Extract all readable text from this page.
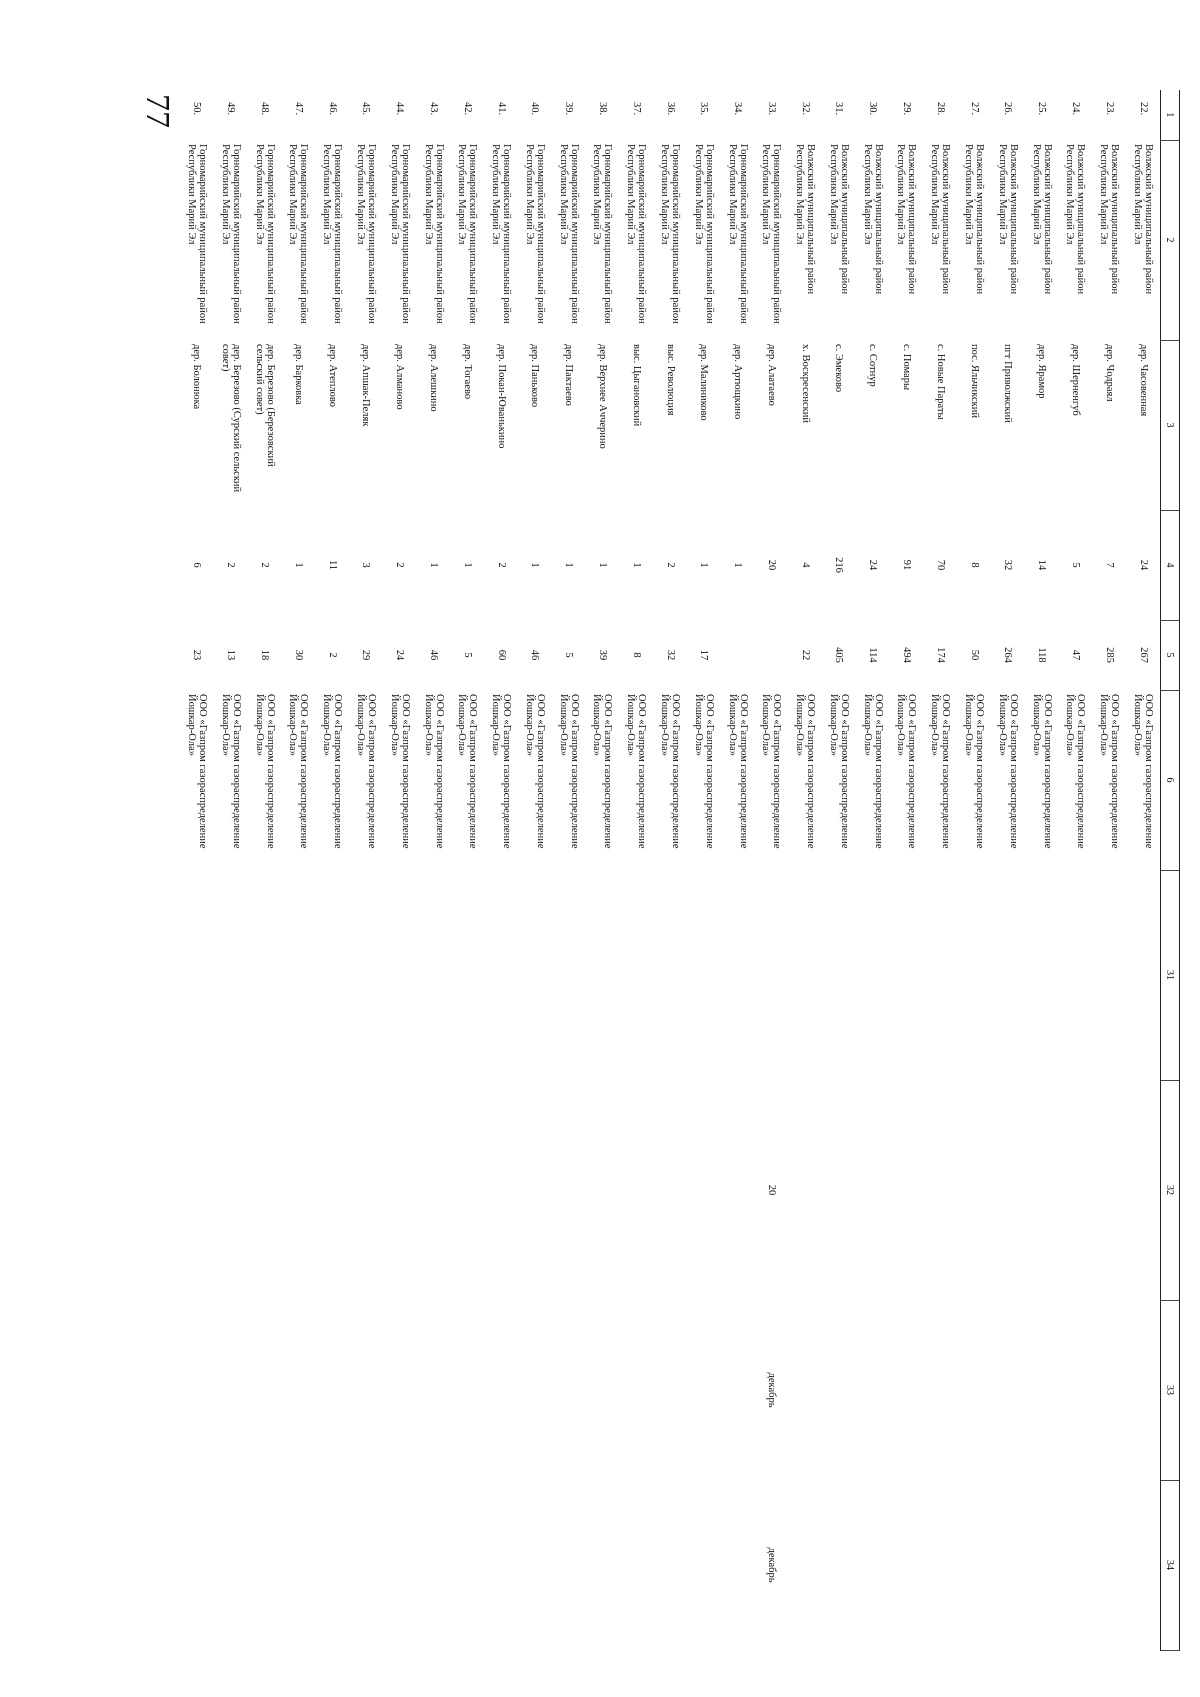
77	1	2	3	4	5	6	31	32	33	34
22.	Волжский муниципальный район Республики Марий Эл	дер. Часовенная	24	267	ООО «Газпром газораспределение Йошкар-Ола»				
23.	Волжский муниципальный район Республики Марий Эл	дер. Чодраял	7	285	ООО «Газпром газораспределение Йошкар-Ола»				
24.	Волжский муниципальный район Республики Марий Эл	дер. Шерненгуб	5	47	ООО «Газпром газораспределение Йошкар-Ола»				
25.	Волжский муниципальный район Республики Марий Эл	дер. Ярамор	14	118	ООО «Газпром газораспределение Йошкар-Ола»				
26.	Волжский муниципальный район Республики Марий Эл	пгт Приволжский	32	264	ООО «Газпром газораспределение Йошкар-Ола»				
27.	Волжский муниципальный район Республики Марий Эл	пос. Яльчикский	8	50	ООО «Газпром газораспределение Йошкар-Ола»				
28.	Волжский муниципальный район Республики Марий Эл	с. Новые Параты	70	174	ООО «Газпром газораспределение Йошкар-Ола»				
29.	Волжский муниципальный район Республики Марий Эл	с. Помары	91	494	ООО «Газпром газораспределение Йошкар-Ола»				
30.	Волжский муниципальный район Республики Марий Эл	с. Сотнур	24	114	ООО «Газпром газораспределение Йошкар-Ола»				
31.	Волжский муниципальный район Республики Марий Эл	с. Эмеково	216	405	ООО «Газпром газораспределение Йошкар-Ола»				
32.	Волжский муниципальный район Республики Марий Эл	х. Воскресенский	4	22	ООО «Газпром газораспределение Йошкар-Ола»				
33.	Горномарийский муниципальный район Республики Марий Эл	дер. Алатаево	20		ООО «Газпром газораспределение Йошкар-Ола»		20	декабрь	декабрь
34.	Горномарийский муниципальный район Республики Марий Эл	дер. Артющкино	1		ООО «Газпром газораспределение Йошкар-Ола»				
35.	Горномарийский муниципальный район Республики Марий Эл	дер. Малиниково	1	17	ООО «Газпром газораспределение Йошкар-Ола»				
36.	Горномарийский муниципальный район Республики Марий Эл	выс. Революция	2	32	ООО «Газпром газораспределение Йошкар-Ола»				
37.	Горномарийский муниципальный район Республики Марий Эл	выс. Цыгановский	1	8	ООО «Газпром газораспределение Йошкар-Ола»				
38.	Горномарийский муниципальный район Республики Марий Эл	дер. Верхнее Аччерино	1	39	ООО «Газпром газораспределение Йошкар-Ола»				
39.	Горномарийский муниципальный район Республики Марий Эл	дер. Пактаево	1	5	ООО «Газпром газораспределение Йошкар-Ола»				
40.	Горномарийский муниципальный район Республики Марий Эл	дер. Паньково	1	46	ООО «Газпром газораспределение Йошкар-Ола»				
41.	Горномарийский муниципальный район Республики Марий Эл	дер. Покан-Юванькино	2	60	ООО «Газпром газораспределение Йошкар-Ола»				
42.	Горномарийский муниципальный район Республики Марий Эл	дер. Тогаево	1	5	ООО «Газпром газораспределение Йошкар-Ола»				
43.	Горномарийский муниципальный район Республики Марий Эл	дер. Алешкино	1	46	ООО «Газпром газораспределение Йошкар-Ола»				
44.	Горномарийский муниципальный район Республики Марий Эл	дер. Алманово	2	24	ООО «Газпром газораспределение Йошкар-Ола»				
45.	Горномарийский муниципальный район Республики Марий Эл	дер. Апшак-Пеляк	3	29	ООО «Газпром газораспределение Йошкар-Ола»				
46.	Горномарийский муниципальный район Республики Марий Эл	дер. Атеплово	11	2	ООО «Газпром газораспределение Йошкар-Ола»				
47.	Горномарийский муниципальный район Республики Марий Эл	дер. Барковка	1	30	ООО «Газпром газораспределение Йошкар-Ола»				
48.	Горномарийский муниципальный район Республики Марий Эл	дер. Березово (Березовский сельский совет)	2	18	ООО «Газпром газораспределение Йошкар-Ола»				
49.	Горномарийский муниципальный район Республики Марий Эл	дер. Березово (Сурский сельский совет)	2	13	ООО «Газпром газораспределение Йошкар-Ола»				
50.	Горномарийский муниципальный район Республики Марий Эл	дер. Болонюка	6	23	ООО «Газпром газораспределение Йошкар-Ола»				
